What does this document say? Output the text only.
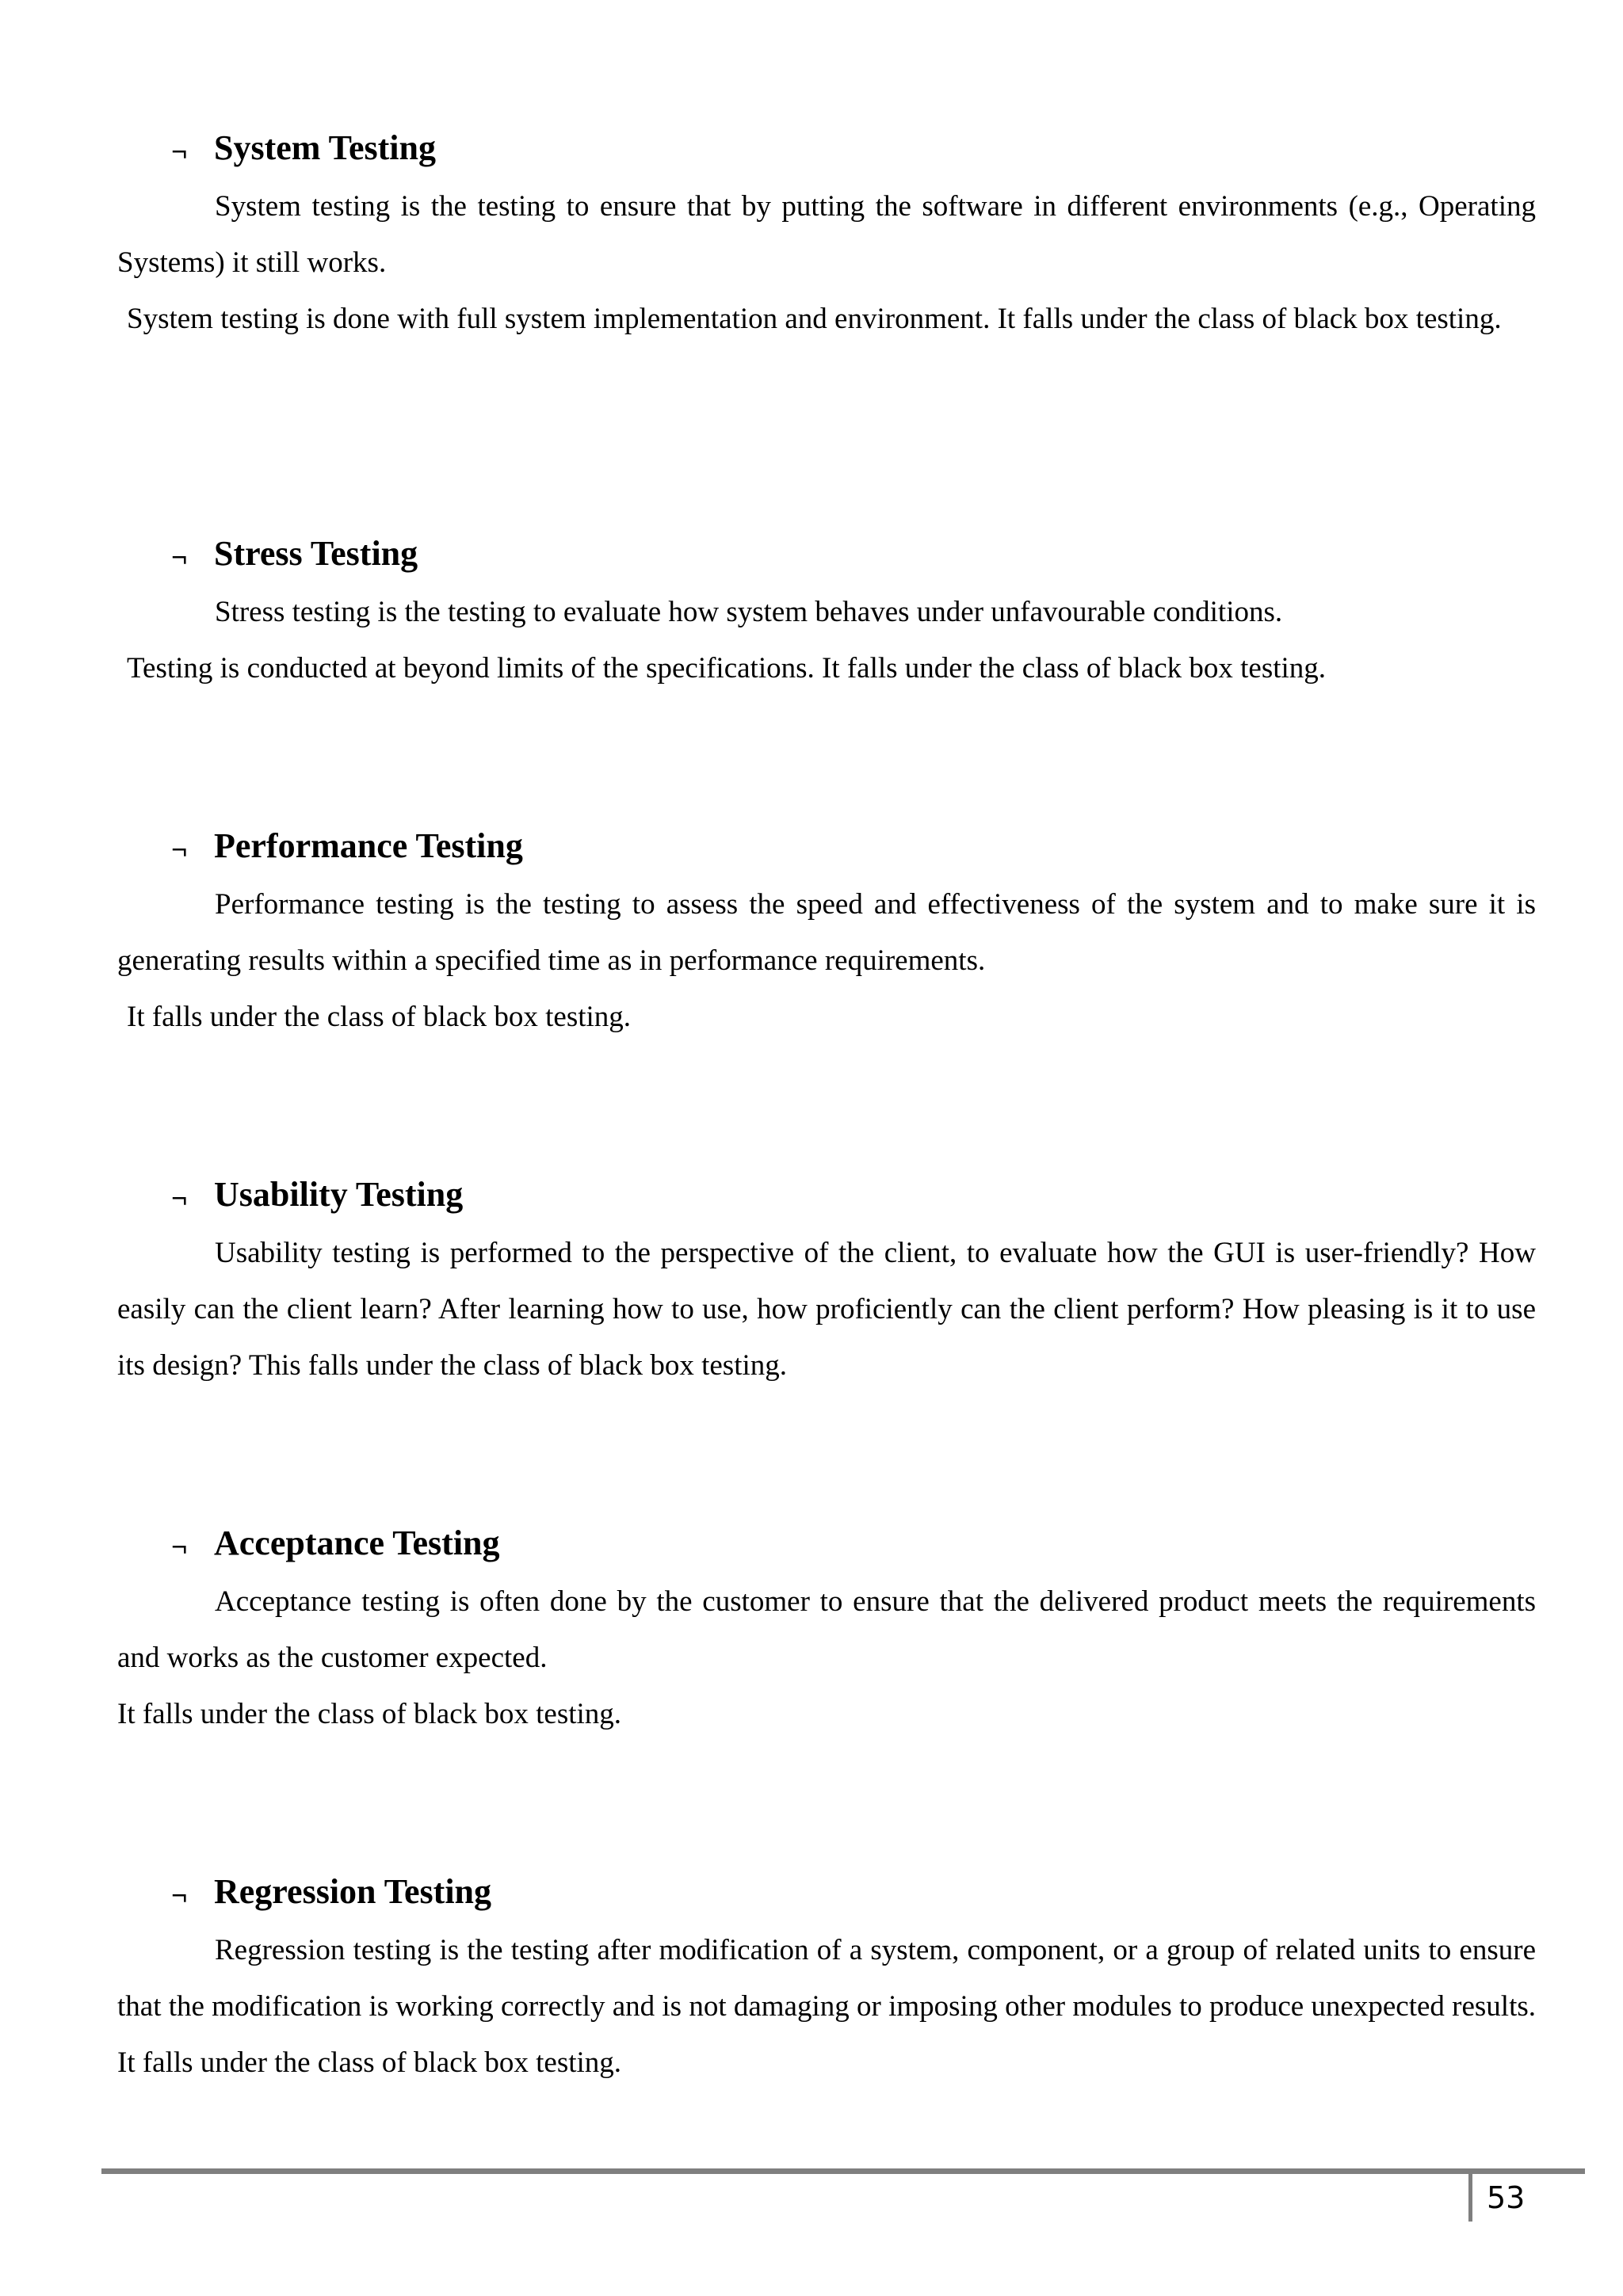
¬ System Testing

System testing is the testing to ensure that by putting the software in different environments (e.g., Operating Systems) it still works.

System testing is done with full system implementation and environment. It falls under the class of black box testing.

¬ Stress Testing

Stress testing is the testing to evaluate how system behaves under unfavourable conditions.

Testing is conducted at beyond limits of the specifications. It falls under the class of black box testing.

¬ Performance Testing

Performance testing is the testing to assess the speed and effectiveness of the system and to make sure it is generating results within a specified time as in performance requirements.

It falls under the class of black box testing.

¬ Usability Testing

Usability testing is performed to the perspective of the client, to evaluate how the GUI is user-friendly? How easily can the client learn? After learning how to use, how proficiently can the client perform? How pleasing is it to use its design? This falls under the class of black box testing.

¬ Acceptance Testing

Acceptance testing is often done by the customer to ensure that the delivered product meets the requirements and works as the customer expected.

It falls under the class of black box testing.

¬ Regression Testing

Regression testing is the testing after modification of a system, component, or a group of related units to ensure that the modification is working correctly and is not damaging or imposing other modules to produce unexpected results. It falls under the class of black box testing.

53
